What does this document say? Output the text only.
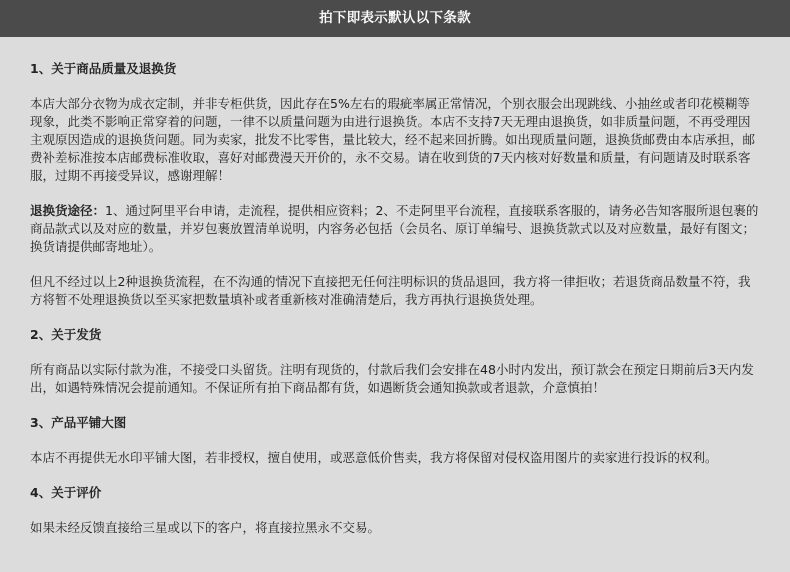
拍下即表示默认以下条款

1、关于商品质量及退换货

本店大部分衣物为成衣定制，并非专柜供货，因此存在5%左右的瑕疵率属正常情况，个别衣服会出现跳线、小抽丝或者印花模糊等现象，此类不影响正常穿着的问题，一律不以质量问题为由进行退换货。本店不支持7天无理由退换货，如非质量问题，不再受理因主观原因造成的退换货问题。同为卖家，批发不比零售，量比较大，经不起来回折腾。如出现质量问题，退换货邮费由本店承担，邮费补差标准按本店邮费标准收取，喜好对邮费漫天开价的，永不交易。请在收到货的7天内核对好数量和质量，有问题请及时联系客服，过期不再接受异议，感谢理解！

退换货途径：1、通过阿里平台申请，走流程，提供相应资料；2、不走阿里平台流程，直接联系客服的，请务必告知客服所退包裹的商品款式以及对应的数量，并岁包裹放置清单说明，内容务必包括（会员名、原订单编号、退换货款式以及对应数量，最好有图文；换货请提供邮寄地址）。

但凡不经过以上2种退换货流程，在不沟通的情况下直接把无任何注明标识的货品退回，我方将一律拒收；若退货商品数量不符，我方将暂不处理退换货以至买家把数量填补或者重新核对准确清楚后，我方再执行退换货处理。

2、关于发货

所有商品以实际付款为准，不接受口头留货。注明有现货的，付款后我们会安排在48小时内发出，预订款会在预定日期前后3天内发出，如遇特殊情况会提前通知。不保证所有拍下商品都有货，如遇断货会通知换款或者退款，介意慎拍！

3、产品平铺大图

本店不再提供无水印平铺大图，若非授权，擅自使用，或恶意低价售卖，我方将保留对侵权盗用图片的卖家进行投诉的权利。

4、关于评价

如果未经反馈直接给三星或以下的客户，将直接拉黑永不交易。
